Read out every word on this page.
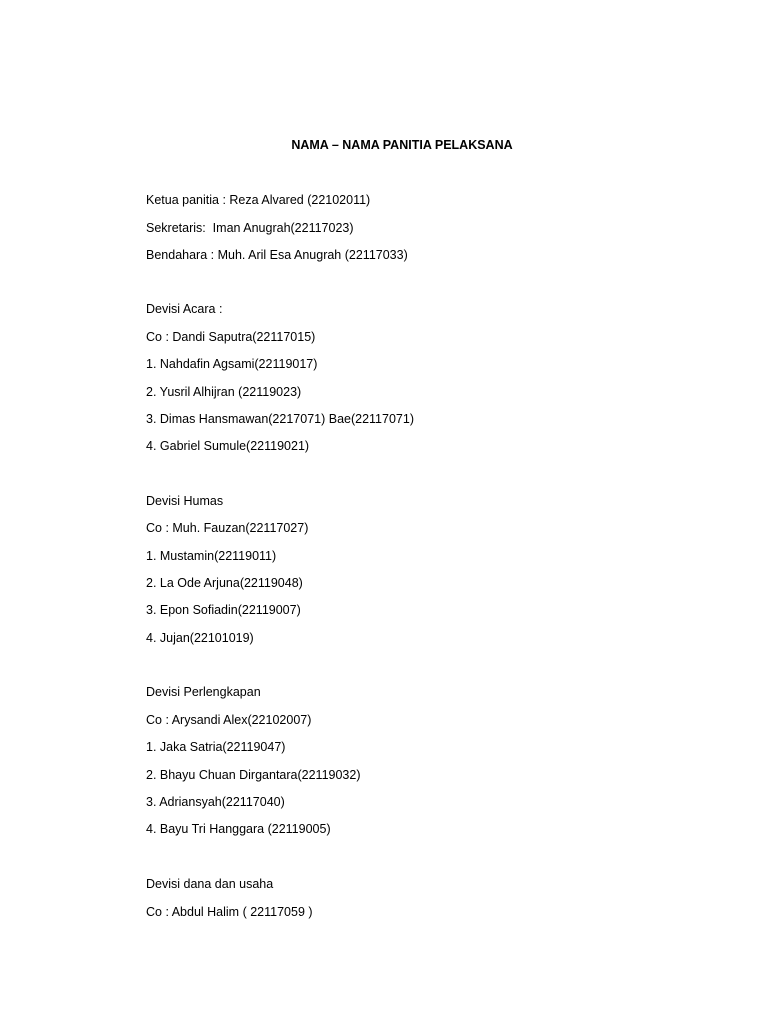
NAMA – NAMA PANITIA PELAKSANA
Ketua panitia : Reza Alvared (22102011)
Sekretaris:  Iman Anugrah(22117023)
Bendahara : Muh. Aril Esa Anugrah (22117033)
Devisi Acara :
Co : Dandi Saputra(22117015)
1. Nahdafin Agsami(22119017)
2. Yusril Alhijran (22119023)
3. Dimas Hansmawan(2217071) Bae(22117071)
4. Gabriel Sumule(22119021)
Devisi Humas
Co : Muh. Fauzan(22117027)
1. Mustamin(22119011)
2. La Ode Arjuna(22119048)
3. Epon Sofiadin(22119007)
4. Jujan(22101019)
Devisi Perlengkapan
Co : Arysandi Alex(22102007)
1. Jaka Satria(22119047)
2. Bhayu Chuan Dirgantara(22119032)
3. Adriansyah(22117040)
4. Bayu Tri Hanggara (22119005)
Devisi dana dan usaha
Co : Abdul Halim ( 22117059 )
